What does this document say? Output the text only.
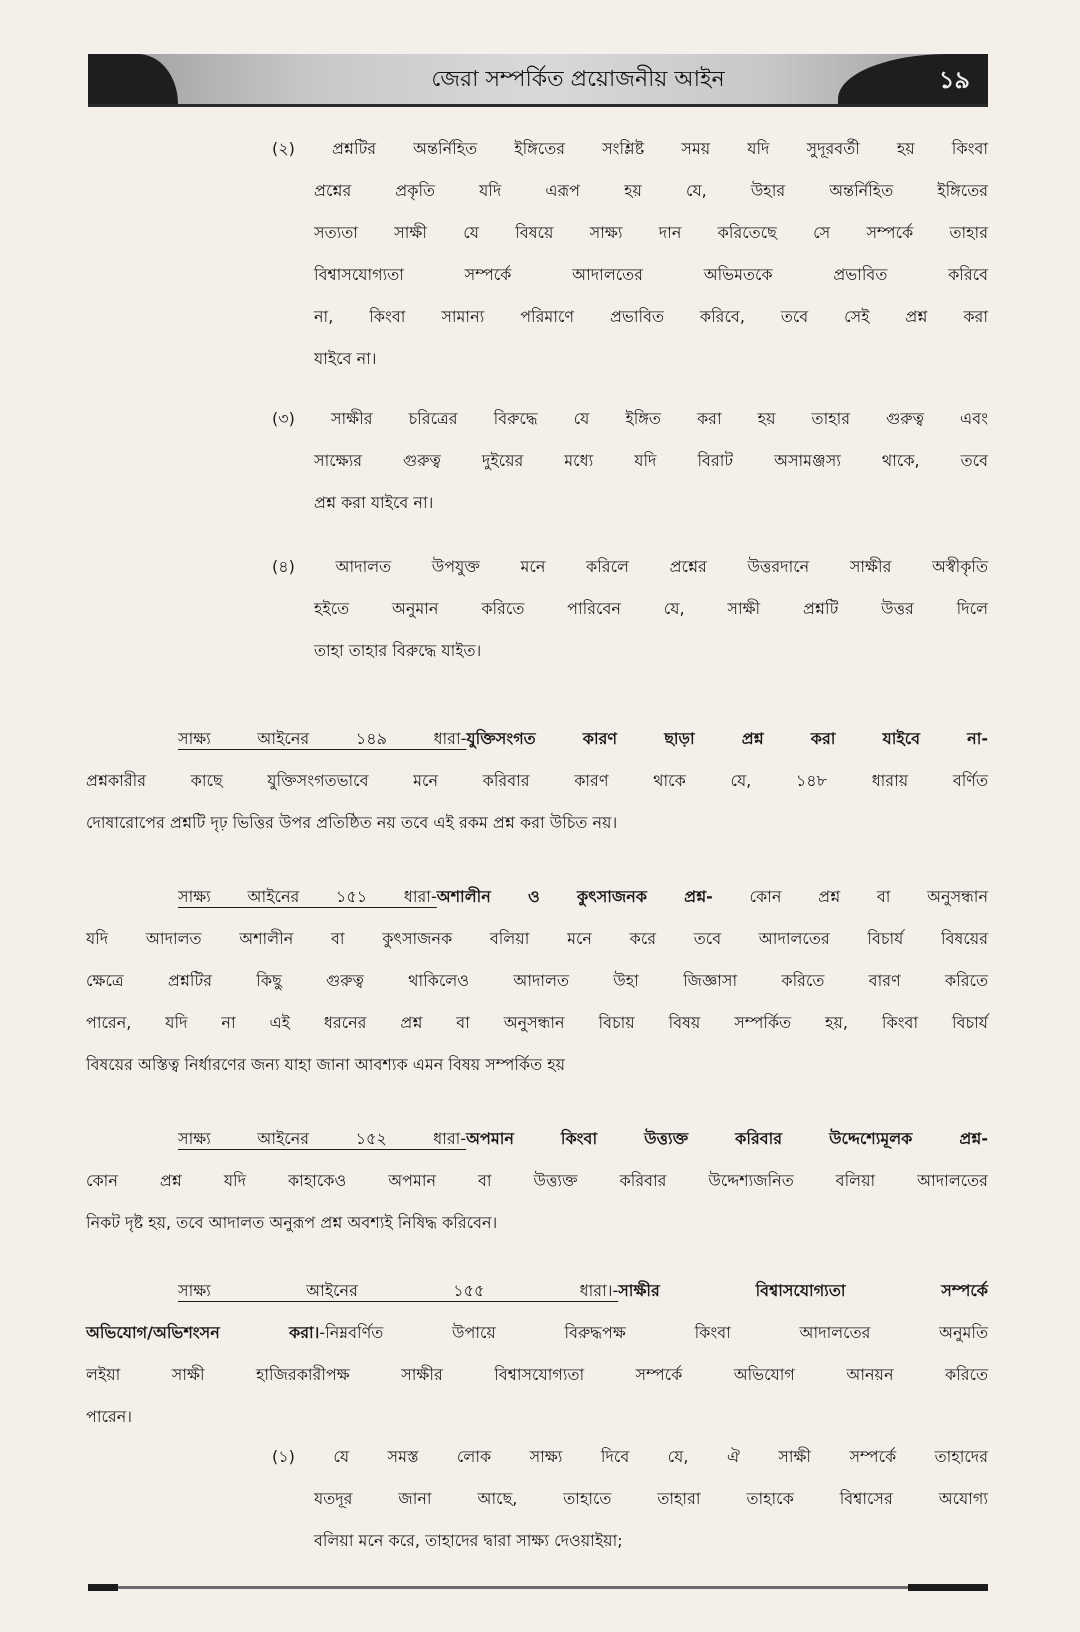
জেরা সম্পর্কিত প্রয়োজনীয় আইন	১৯
(২) প্রশ্নটির অন্তর্নিহিত ইঙ্গিতের সংশ্লিষ্ট সময় যদি সুদূরবর্তী হয় কিংবা
প্রশ্নের প্রকৃতি যদি এরূপ হয় যে, উহার অন্তর্নিহিত ইঙ্গিতের
সত্যতা সাক্ষী যে বিষয়ে সাক্ষ্য দান করিতেছে সে সম্পর্কে তাহার
বিশ্বাসযোগ্যতা সম্পর্কে আদালতের অভিমতকে প্রভাবিত করিবে
না, কিংবা সামান্য পরিমাণে প্রভাবিত করিবে, তবে সেই প্রশ্ন করা
যাইবে না।
(৩) সাক্ষীর চরিত্রের বিরুদ্ধে যে ইঙ্গিত করা হয় তাহার গুরুত্ব এবং
সাক্ষ্যের গুরুত্ব দুইয়ের মধ্যে যদি বিরাট অসামঞ্জস্য থাকে, তবে
প্রশ্ন করা যাইবে না।
(৪) আদালত উপযুক্ত মনে করিলে প্রশ্নের উত্তরদানে সাক্ষীর অস্বীকৃতি
হইতে অনুমান করিতে পারিবেন যে, সাক্ষী প্রশ্নটি উত্তর দিলে
তাহা তাহার বিরুদ্ধে যাইত।
সাক্ষ্য আইনের ১৪৯ ধারা-যুক্তিসংগত কারণ ছাড়া প্রশ্ন করা যাইবে না-
প্রশ্নকারীর কাছে যুক্তিসংগতভাবে মনে করিবার কারণ থাকে যে, ১৪৮ ধারায় বর্ণিত
দোষারোপের প্রশ্নটি দৃঢ় ভিত্তির উপর প্রতিষ্ঠিত নয় তবে এই রকম প্রশ্ন করা উচিত নয়।
সাক্ষ্য আইনের ১৫১ ধারা-অশালীন ও কুৎসাজনক প্রশ্ন- কোন প্রশ্ন বা অনুসন্ধান
যদি আদালত অশালীন বা কুৎসাজনক বলিয়া মনে করে তবে আদালতের বিচার্য বিষয়ের
ক্ষেত্রে প্রশ্নটির কিছু গুরুত্ব থাকিলেও আদালত উহা জিজ্ঞাসা করিতে বারণ করিতে
পারেন, যদি না এই ধরনের প্রশ্ন বা অনুসন্ধান বিচায় বিষয় সম্পর্কিত হয়, কিংবা বিচার্য
বিষয়ের অস্তিত্ব নির্ধারণের জন্য যাহা জানা আবশ্যক এমন বিষয় সম্পর্কিত হয়
সাক্ষ্য আইনের ১৫২ ধারা-অপমান কিংবা উত্ত্যক্ত করিবার উদ্দেশ্যেমূলক প্রশ্ন-
কোন প্রশ্ন যদি কাহাকেও অপমান বা উত্ত্যক্ত করিবার উদ্দেশ্যজনিত বলিয়া আদালতের
নিকট দৃষ্ট হয়, তবে আদালত অনুরূপ প্রশ্ন অবশ্যই নিষিদ্ধ করিবেন।
সাক্ষ্য আইনের ১৫৫ ধারা।-সাক্ষীর বিশ্বাসযোগ্যতা সম্পর্কে
অভিযোগ/অভিশংসন করা।-নিম্নবর্ণিত উপায়ে বিরুদ্ধপক্ষ কিংবা আদালতের অনুমতি
লইয়া সাক্ষী হাজিরকারীপক্ষ সাক্ষীর বিশ্বাসযোগ্যতা সম্পর্কে অভিযোগ আনয়ন করিতে
পারেন।
(১) যে সমস্ত লোক সাক্ষ্য দিবে যে, ঐ সাক্ষী সম্পর্কে তাহাদের
যতদূর জানা আছে, তাহাতে তাহারা তাহাকে বিশ্বাসের অযোগ্য
বলিয়া মনে করে, তাহাদের দ্বারা সাক্ষ্য দেওয়াইয়া;
